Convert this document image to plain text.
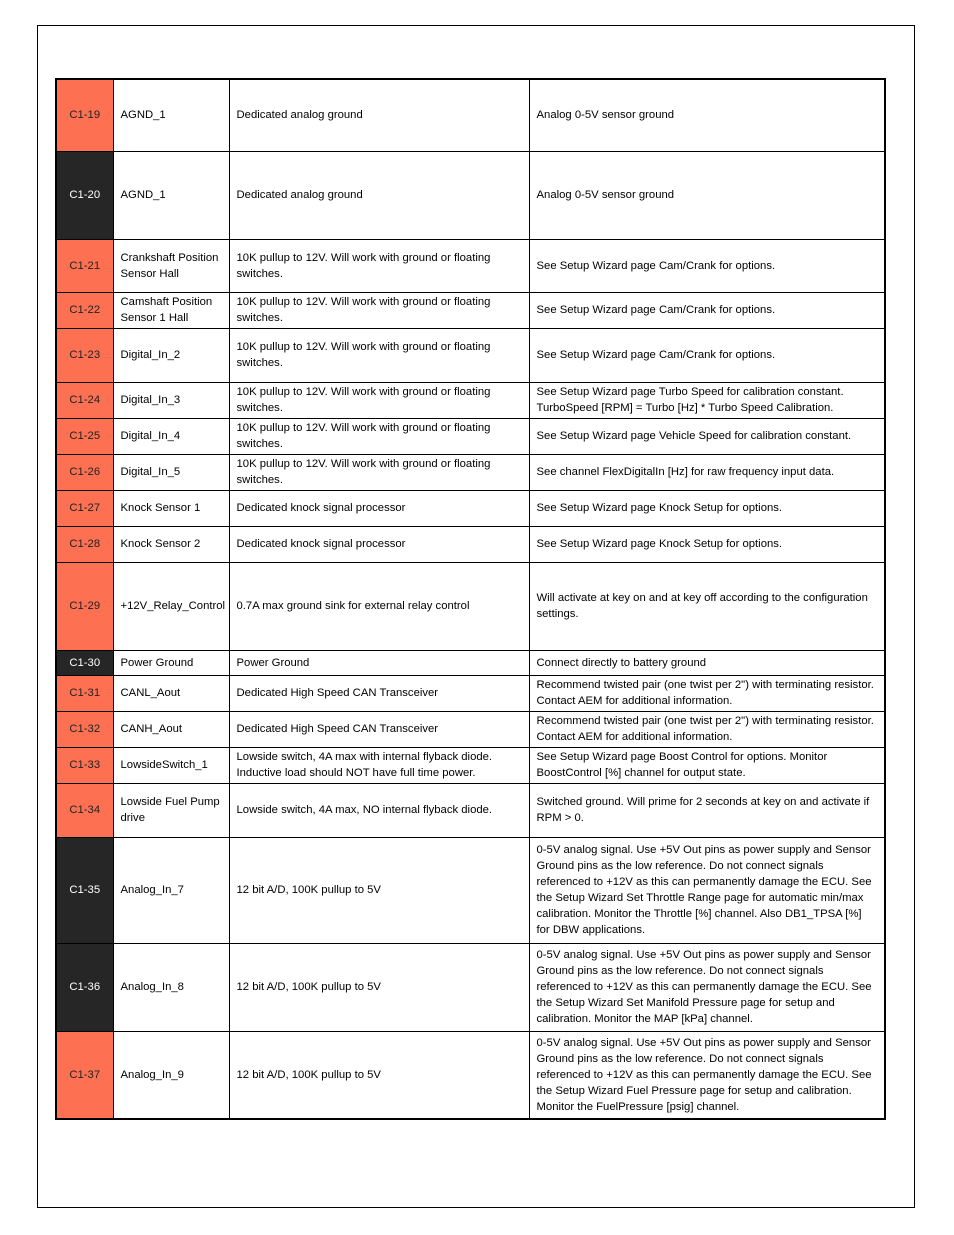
C1-19	AGND_1	Dedicated analog ground	Analog 0-5V sensor ground
C1-20	AGND_1	Dedicated analog ground	Analog 0-5V sensor ground
C1-21	Crankshaft Position Sensor Hall	10K pullup to 12V. Will work with ground or floating switches.	See Setup Wizard page Cam/Crank for options.
C1-22	Camshaft Position Sensor 1 Hall	10K pullup to 12V. Will work with ground or floating switches.	See Setup Wizard page Cam/Crank for options.
C1-23	Digital_In_2	10K pullup to 12V. Will work with ground or floating switches.	See Setup Wizard page Cam/Crank for options.
C1-24	Digital_In_3	10K pullup to 12V. Will work with ground or floating switches.	See Setup Wizard page Turbo Speed for calibration constant. TurboSpeed [RPM] = Turbo [Hz] * Turbo Speed Calibration.
C1-25	Digital_In_4	10K pullup to 12V. Will work with ground or floating switches.	See Setup Wizard page Vehicle Speed for calibration constant.
C1-26	Digital_In_5	10K pullup to 12V. Will work with ground or floating switches.	See channel FlexDigitalIn [Hz] for raw frequency input data.
C1-27	Knock Sensor 1	Dedicated knock signal processor	See Setup Wizard page Knock Setup for options.
C1-28	Knock Sensor 2	Dedicated knock signal processor	See Setup Wizard page Knock Setup for options.
C1-29	+12V_Relay_Control	0.7A max ground sink for external relay control	Will activate at key on and at key off according to the configuration settings.
C1-30	Power Ground	Power Ground	Connect directly to battery ground
C1-31	CANL_Aout	Dedicated High Speed CAN Transceiver	Recommend twisted pair (one twist per 2") with terminating resistor. Contact AEM for additional information.
C1-32	CANH_Aout	Dedicated High Speed CAN Transceiver	Recommend twisted pair (one twist per 2") with terminating resistor. Contact AEM for additional information.
C1-33	LowsideSwitch_1	Lowside switch, 4A max with internal flyback diode. Inductive load should NOT have full time power.	See Setup Wizard page Boost Control for options. Monitor BoostControl [%] channel for output state.
C1-34	Lowside Fuel Pump drive	Lowside switch, 4A max, NO internal flyback diode.	Switched ground. Will prime for 2 seconds at key on and activate if RPM > 0.
C1-35	Analog_In_7	12 bit A/D, 100K pullup to 5V	0-5V analog signal. Use +5V Out pins as power supply and Sensor Ground pins as the low reference. Do not connect signals referenced to +12V as this can permanently damage the ECU. See the Setup Wizard Set Throttle Range page for automatic min/max calibration. Monitor the Throttle [%] channel. Also DB1_TPSA [%] for DBW applications.
C1-36	Analog_In_8	12 bit A/D, 100K pullup to 5V	0-5V analog signal. Use +5V Out pins as power supply and Sensor Ground pins as the low reference. Do not connect signals referenced to +12V as this can permanently damage the ECU. See the Setup Wizard Set Manifold Pressure page for setup and calibration. Monitor the MAP [kPa] channel.
C1-37	Analog_In_9	12 bit A/D, 100K pullup to 5V	0-5V analog signal. Use +5V Out pins as power supply and Sensor Ground pins as the low reference. Do not connect signals referenced to +12V as this can permanently damage the ECU. See the Setup Wizard Fuel Pressure page for setup and calibration. Monitor the FuelPressure [psig] channel.
